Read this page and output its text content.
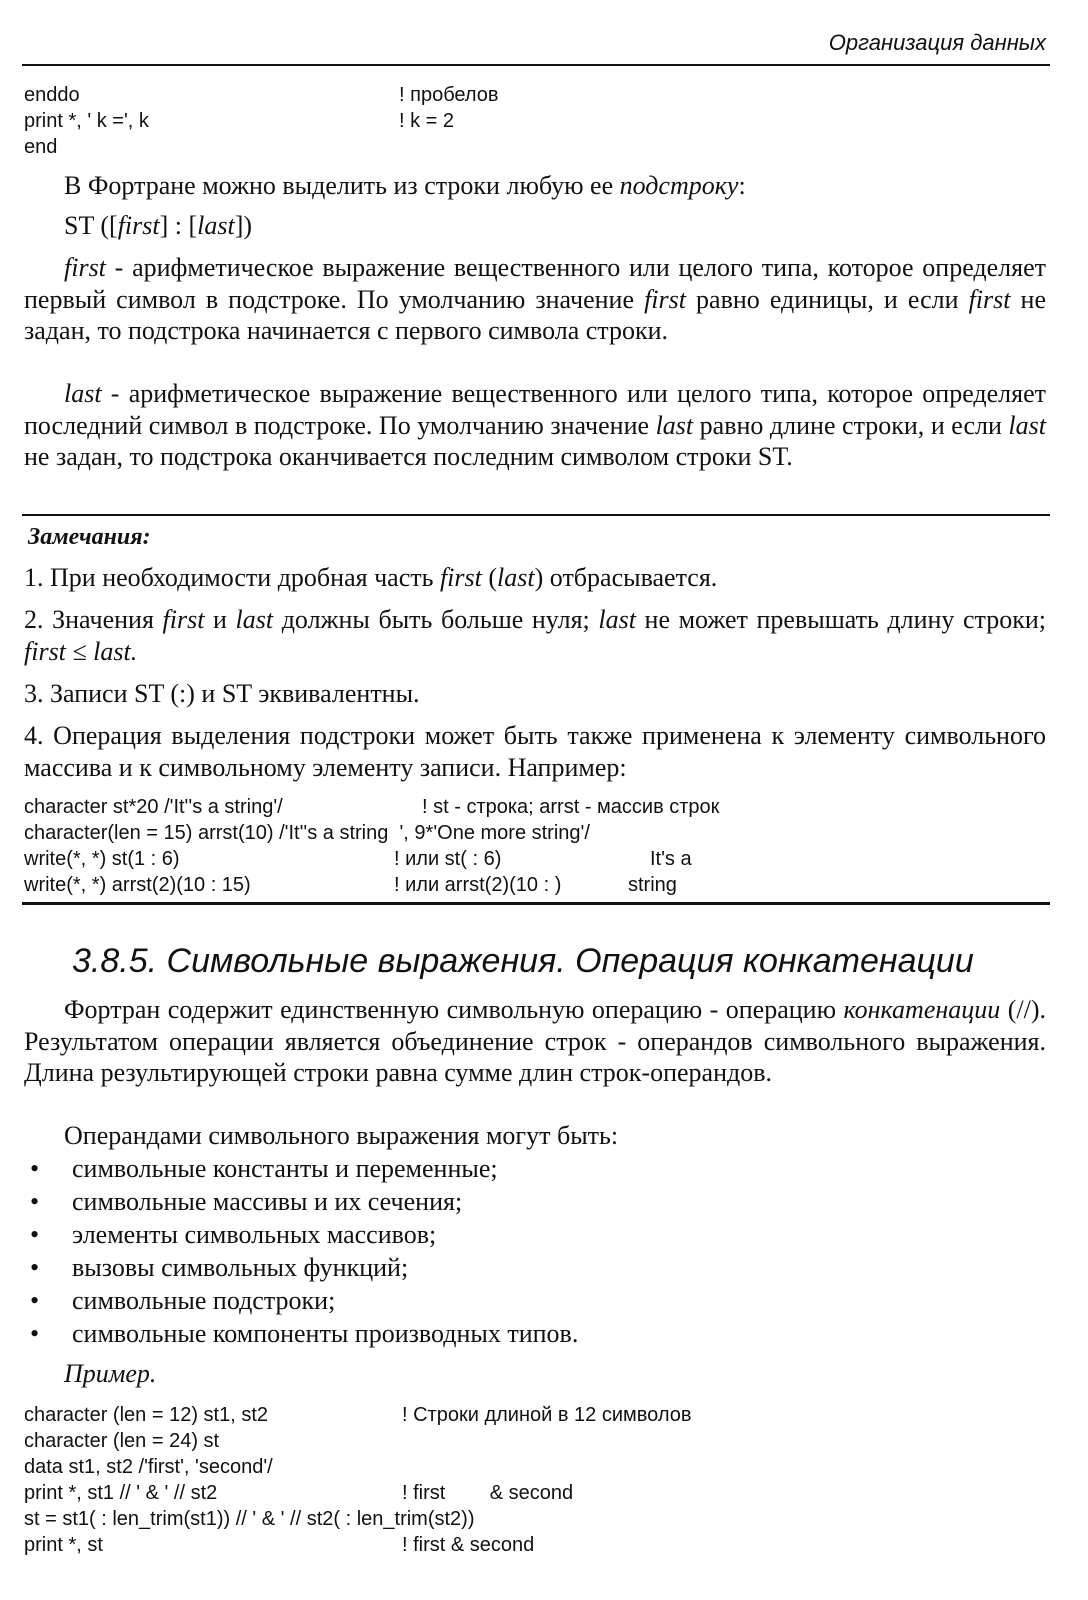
Организация данных
enddo	! пробелов
print *, ' k =', k	! k = 2
end
В Фортране можно выделить из строки любую ее подстроку:
ST ([first] : [last])
first - арифметическое выражение вещественного или целого типа, которое определяет первый символ в подстроке. По умолчанию значение first равно единицы, и если first не задан, то подстрока начинается с первого символа строки.
last - арифметическое выражение вещественного или целого типа, которое определяет последний символ в подстроке. По умолчанию значение last равно длине строки, и если last не задан, то подстрока оканчивается последним символом строки ST.
Замечания:
1. При необходимости дробная часть first (last) отбрасывается.
2. Значения first и last должны быть больше нуля; last не может превышать длину строки; first ≤ last.
3. Записи ST (:) и ST эквивалентны.
4. Операция выделения подстроки может быть также применена к элементу символьного массива и к символьному элементу записи. Например:
character st*20 /'It''s a string'/	! st - строка; arrst - массив строк
character(len = 15) arrst(10) /'It''s a string  ', 9*'One more string'/
write(*, *) st(1 : 6)	! или st( : 6)	It's a
write(*, *) arrst(2)(10 : 15)	! или arrst(2)(10 : )	string
3.8.5. Символьные выражения. Операция конкатенации
Фортран содержит единственную символьную операцию - операцию конкатенации (//). Результатом операции является объединение строк - операндов символьного выражения. Длина результирующей строки равна сумме длин строк-операндов.
Операндами символьного выражения могут быть:
• символьные константы и переменные;
• символьные массивы и их сечения;
• элементы символьных массивов;
• вызовы символьных функций;
• символьные подстроки;
• символьные компоненты производных типов.
Пример.
character (len = 12) st1, st2	! Строки длиной в 12 символов
character (len = 24) st
data st1, st2 /'first', 'second'/
print *, st1 // ' & ' // st2	! first        & second
st = st1( : len_trim(st1)) // ' & ' // st2( : len_trim(st2))
print *, st	! first & second
